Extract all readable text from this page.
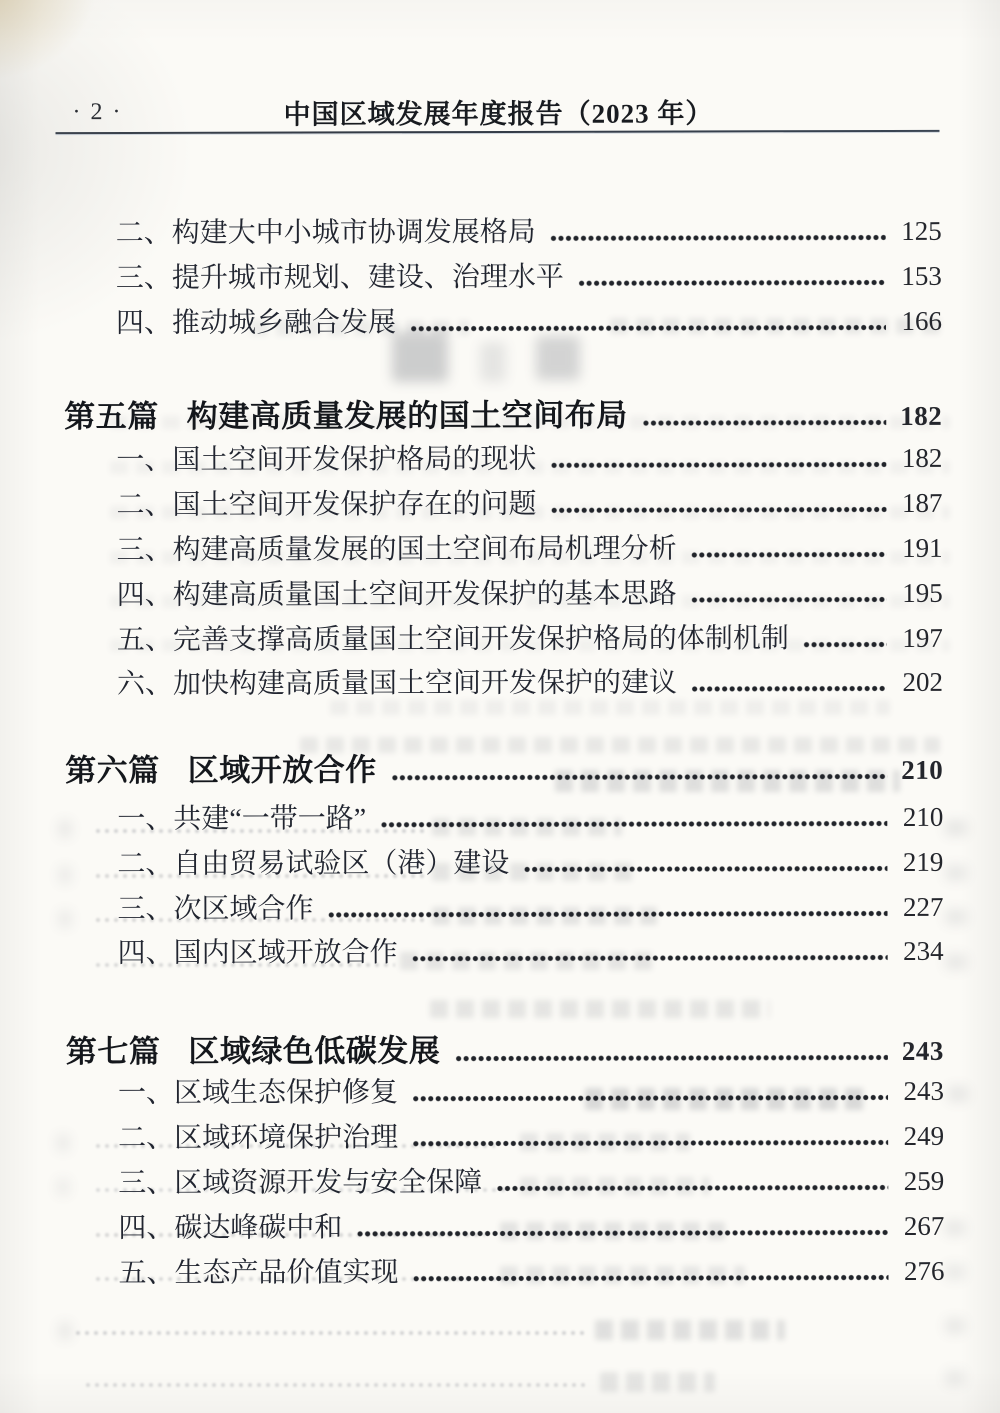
· 2 ·	中国区域发展年度报告（2023 年）
二、构建大中小城市协调发展格局	125
三、提升城市规划、建设、治理水平	153
四、推动城乡融合发展	166
第五篇 构建高质量发展的国土空间布局	182
一、国土空间开发保护格局的现状	182
二、国土空间开发保护存在的问题	187
三、构建高质量发展的国土空间布局机理分析	191
四、构建高质量国土空间开发保护的基本思路	195
五、完善支撑高质量国土空间开发保护格局的体制机制	197
六、加快构建高质量国土空间开发保护的建议	202
第六篇 区域开放合作	210
一、共建“一带一路”	210
二、自由贸易试验区（港）建设	219
三、次区域合作	227
四、国内区域开放合作	234
第七篇 区域绿色低碳发展	243
一、区域生态保护修复	243
二、区域环境保护治理	249
三、区域资源开发与安全保障	259
四、碳达峰碳中和	267
五、生态产品价值实现	276
